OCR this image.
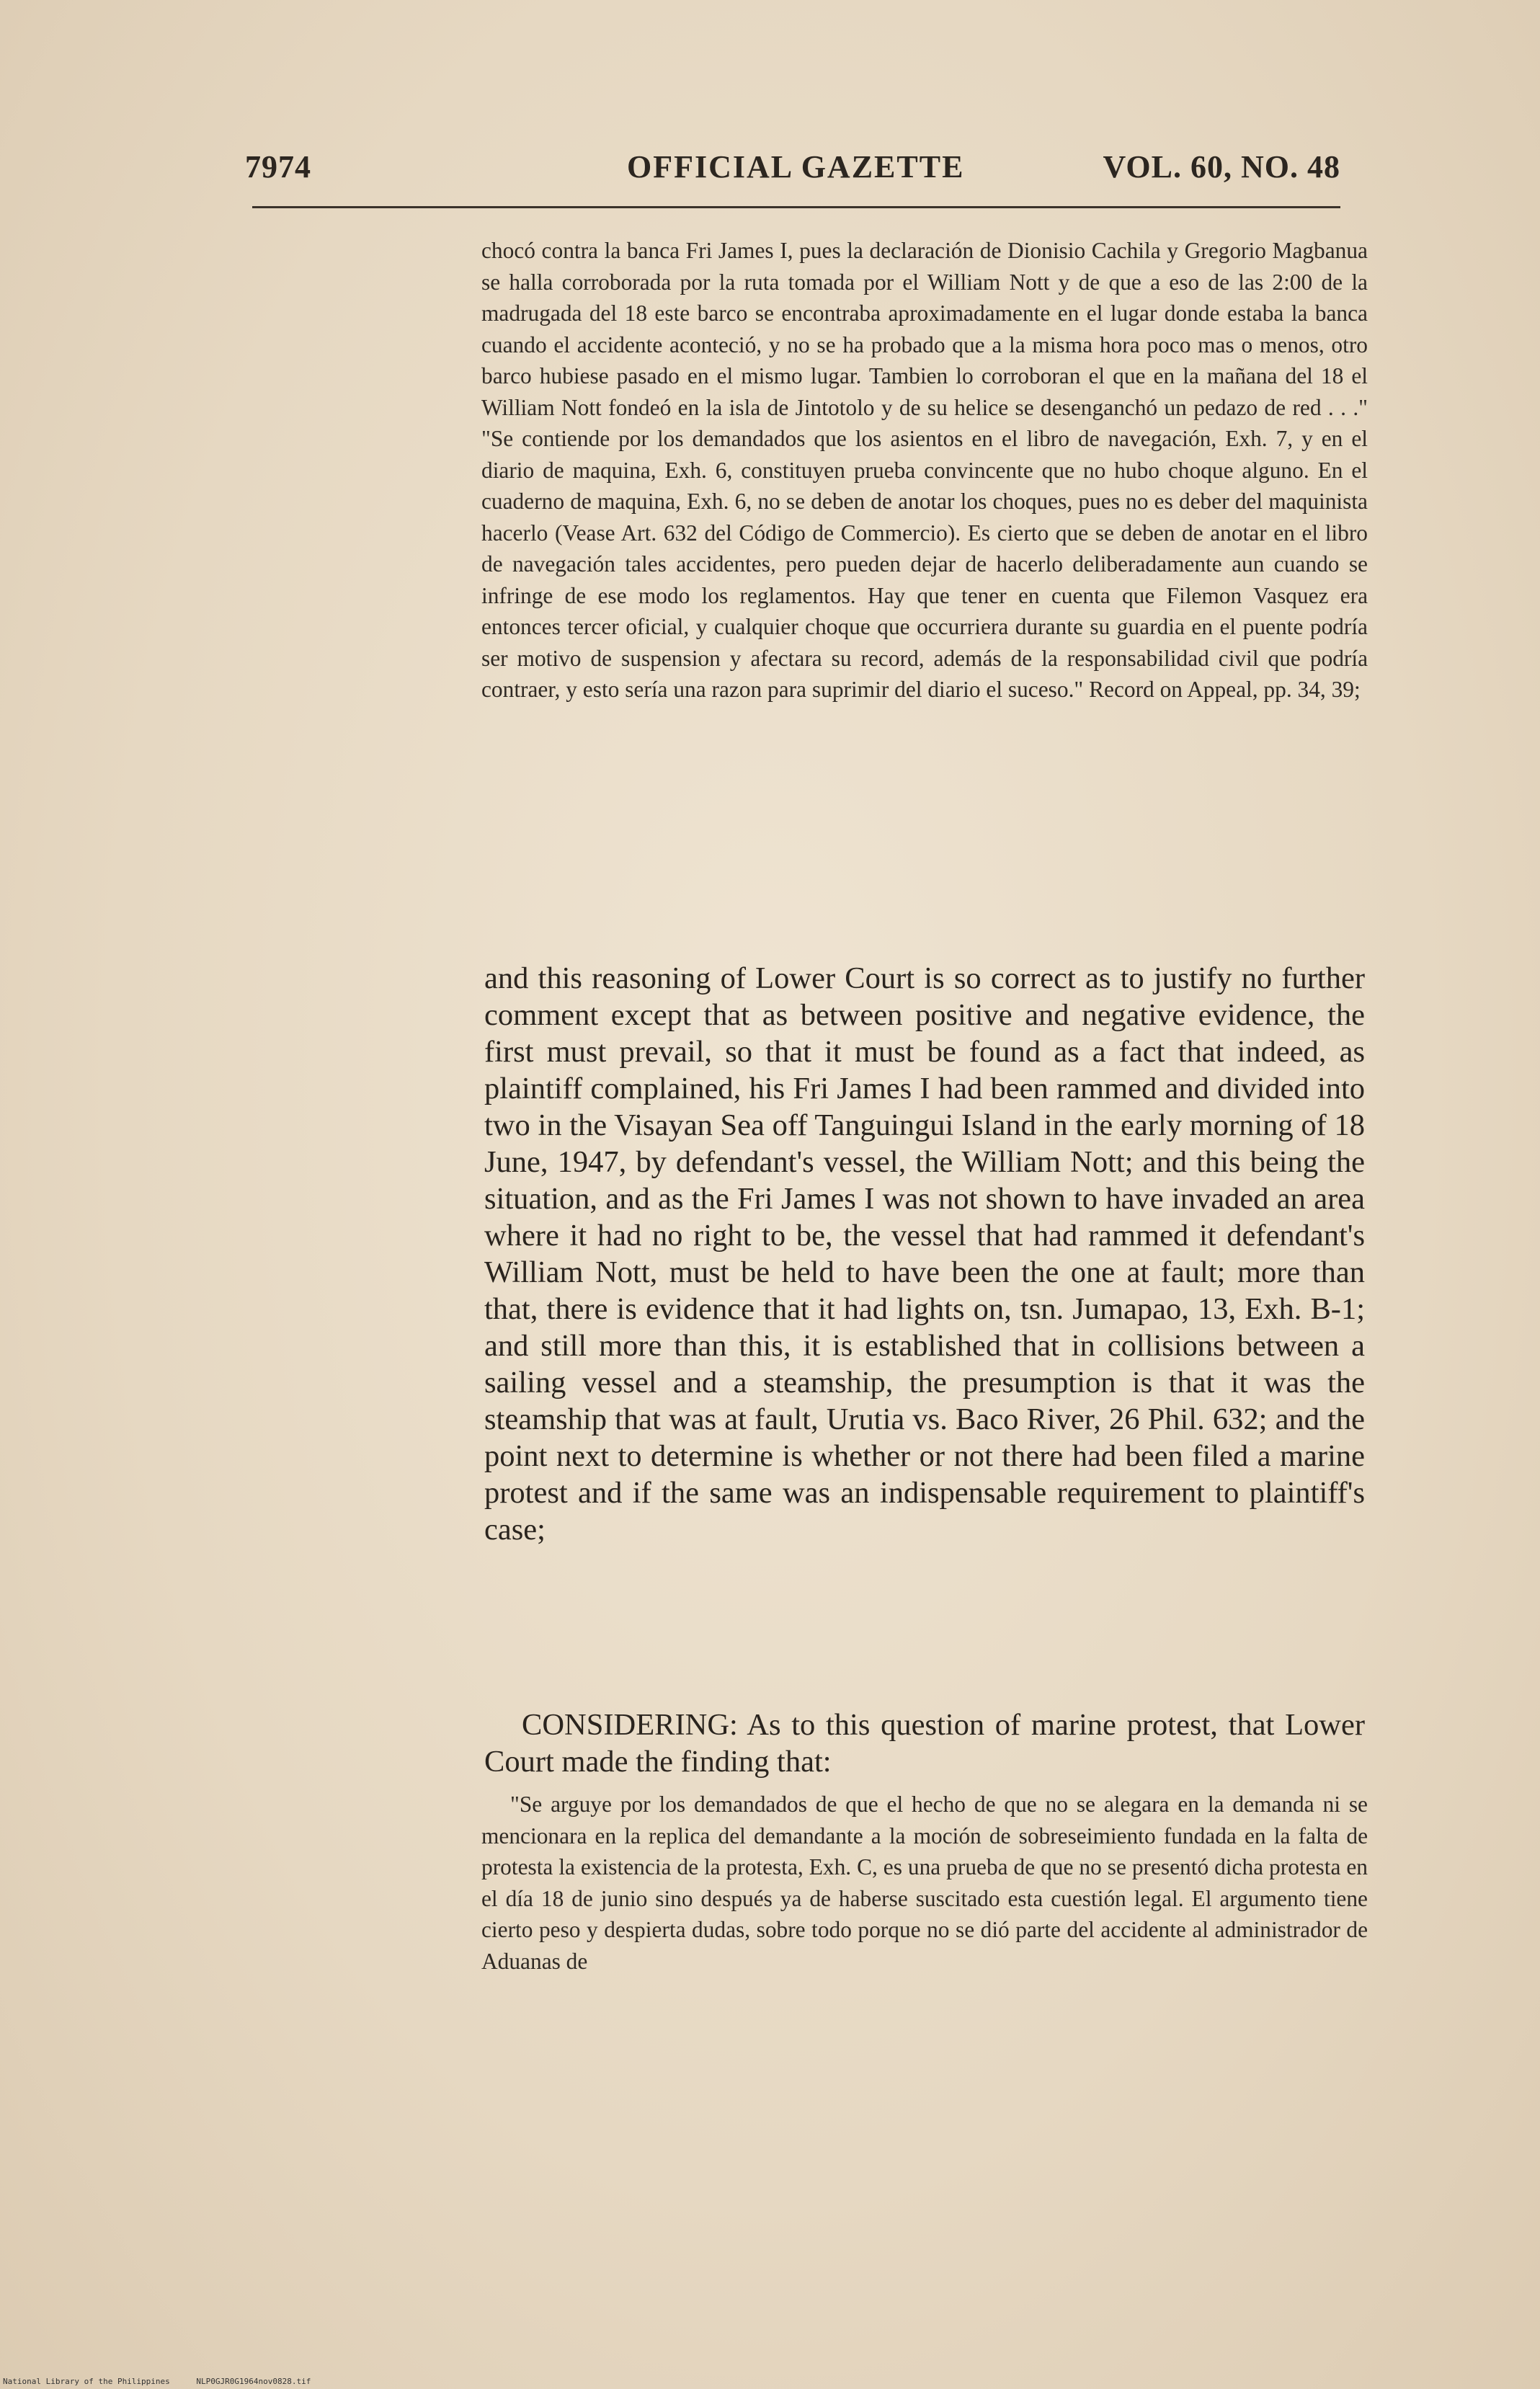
7974	OFFICIAL GAZETTE	VOL. 60, NO. 48

chocó contra la banca Fri James I, pues la declaración de Dionisio Cachila y Gregorio Magbanua se halla corroborada por la ruta tomada por el William Nott y de que a eso de las 2:00 de la madrugada del 18 este barco se encontraba aproximadamente en el lugar donde estaba la banca cuando el accidente aconteció, y no se ha probado que a la misma hora poco mas o menos, otro barco hubiese pasado en el mismo lugar. Tambien lo corroboran el que en la mañana del 18 el William Nott fondeó en la isla de Jintotolo y de su helice se desenganchó un pedazo de red . . ." "Se contiende por los demandados que los asientos en el libro de navegación, Exh. 7, y en el diario de maquina, Exh. 6, constituyen prueba convincente que no hubo choque alguno. En el cuaderno de maquina, Exh. 6, no se deben de anotar los choques, pues no es deber del maquinista hacerlo (Vease Art. 632 del Código de Commercio). Es cierto que se deben de anotar en el libro de navegación tales accidentes, pero pueden dejar de hacerlo deliberadamente aun cuando se infringe de ese modo los reglamentos. Hay que tener en cuenta que Filemon Vasquez era entonces tercer oficial, y cualquier choque que occurriera durante su guardia en el puente podría ser motivo de suspension y afectara su record, además de la responsabilidad civil que podría contraer, y esto sería una razon para suprimir del diario el suceso." Record on Appeal, pp. 34, 39;

and this reasoning of Lower Court is so correct as to justify no further comment except that as between positive and negative evidence, the first must prevail, so that it must be found as a fact that indeed, as plaintiff complained, his Fri James I had been rammed and divided into two in the Visayan Sea off Tanguingui Island in the early morning of 18 June, 1947, by defendant's vessel, the William Nott; and this being the situation, and as the Fri James I was not shown to have invaded an area where it had no right to be, the vessel that had rammed it defendant's William Nott, must be held to have been the one at fault; more than that, there is evidence that it had lights on, tsn. Jumapao, 13, Exh. B-1; and still more than this, it is established that in collisions between a sailing vessel and a steamship, the presumption is that it was the steamship that was at fault, Urutia vs. Baco River, 26 Phil. 632; and the point next to determine is whether or not there had been filed a marine protest and if the same was an indispensable requirement to plaintiff's case;

CONSIDERING: As to this question of marine protest, that Lower Court made the finding that:

"Se arguye por los demandados de que el hecho de que no se alegara en la demanda ni se mencionara en la replica del demandante a la moción de sobreseimiento fundada en la falta de protesta la existencia de la protesta, Exh. C, es una prueba de que no se presentó dicha protesta en el día 18 de junio sino después ya de haberse suscitado esta cuestión legal. El argumento tiene cierto peso y despierta dudas, sobre todo porque no se dió parte del accidente al administrador de Aduanas de

National Library of the Philippines	NLP0GJR0G1964nov0828.tif
